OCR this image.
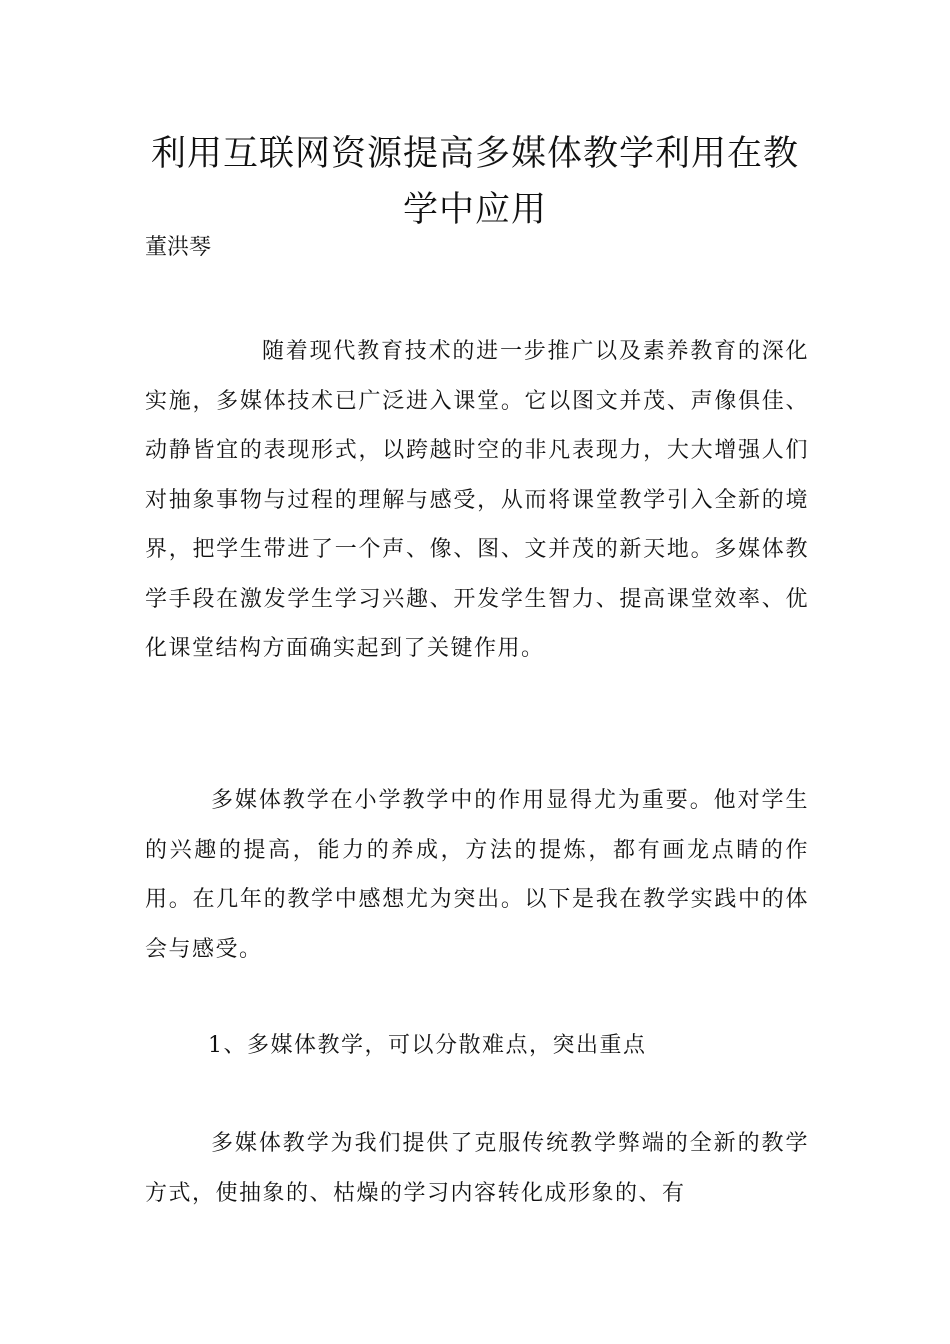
利用互联网资源提高多媒体教学利用在教学中应用

董洪琴

随着现代教育技术的进一步推广以及素养教育的深化实施，多媒体技术已广泛进入课堂。它以图文并茂、声像俱佳、动静皆宜的表现形式，以跨越时空的非凡表现力，大大增强人们对抽象事物与过程的理解与感受，从而将课堂教学引入全新的境界，把学生带进了一个声、像、图、文并茂的新天地。多媒体教学手段在激发学生学习兴趣、开发学生智力、提高课堂效率、优化课堂结构方面确实起到了关键作用。

多媒体教学在小学教学中的作用显得尤为重要。他对学生的兴趣的提高，能力的养成，方法的提炼，都有画龙点睛的作用。在几年的教学中感想尤为突出。以下是我在教学实践中的体会与感受。

1、多媒体教学，可以分散难点，突出重点

多媒体教学为我们提供了克服传统教学弊端的全新的教学方式，使抽象的、枯燥的学习内容转化成形象的、有
